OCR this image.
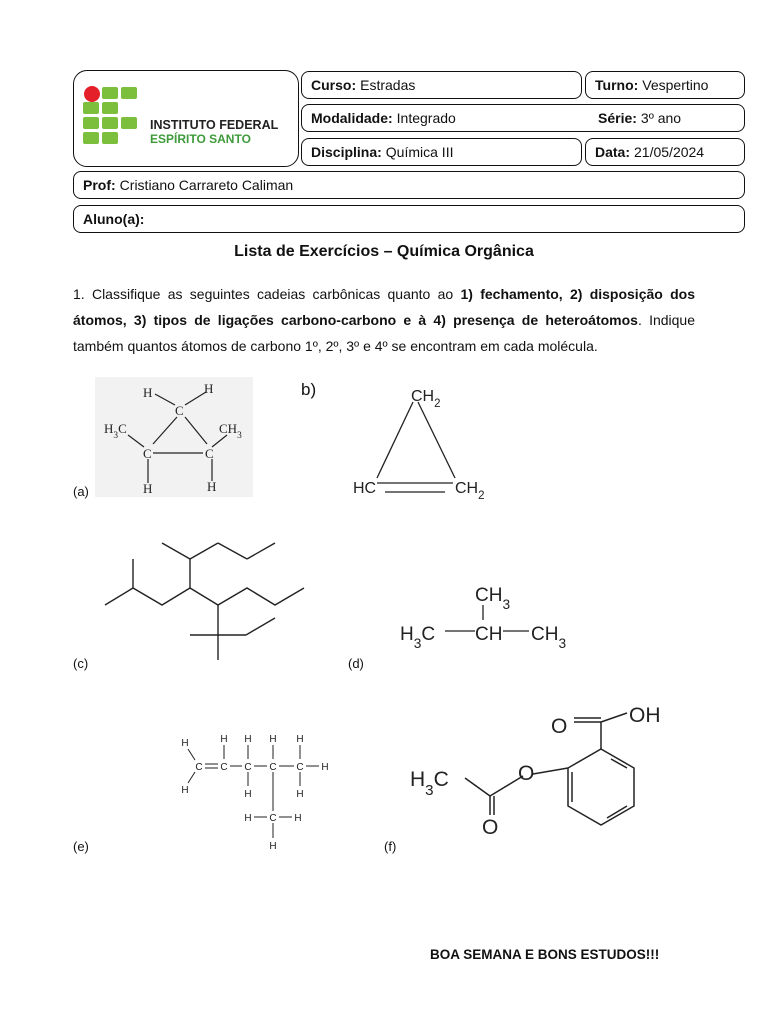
INSTITUTO FEDERAL
ESPÍRITO SANTO
Curso: Estradas	Turno: Vespertino
Modalidade: Integrado	Série: 3º ano
Disciplina: Química III	Data: 21/05/2024
Prof: Cristiano Carrareto Caliman
Aluno(a):
Lista de Exercícios – Química Orgânica
1. Classifique as seguintes cadeias carbônicas quanto ao 1) fechamento, 2) disposição dos átomos, 3) tipos de ligações carbono-carbono e à 4) presença de heteroátomos. Indique também quantos átomos de carbono 1º, 2º, 3º e 4º se encontram em cada molécula.
H	H
C
$H_3C$	$CH_3$
C	C
H	H
(a)
b)	$CH_2$
HC	$CH_2$
(c)
$CH_3$
$H_3C$ CH $CH_3$
(d)
H	H H H H
H
C C C C C H
H	H
H C H
H
(e)
O	OH
O
$H_3C$
O
(f)
BOA SEMANA E BONS ESTUDOS!!!
